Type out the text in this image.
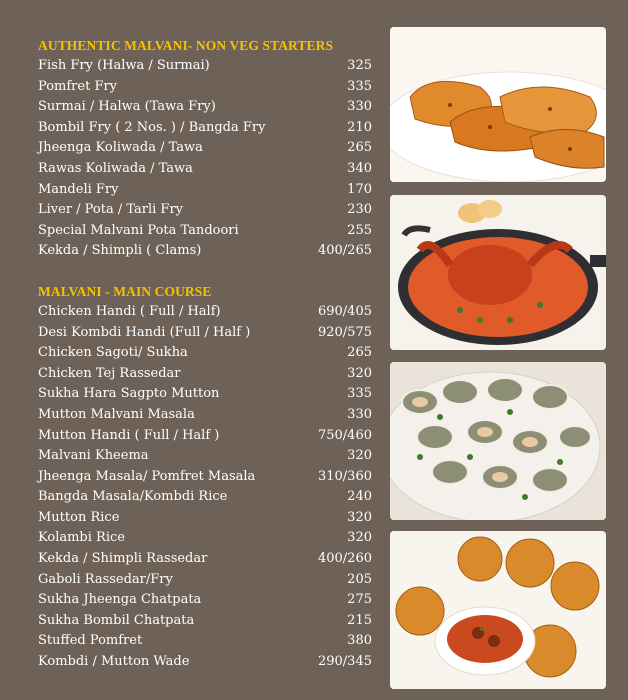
AUTHENTIC MALVANI- NON VEG STARTERS
Fish Fry (Halwa / Surmai)	325
Pomfret Fry	335
Surmai / Halwa (Tawa Fry)	330
Bombil Fry ( 2 Nos. ) / Bangda Fry	210
Jheenga Koliwada / Tawa	265
Rawas Koliwada / Tawa	340
Mandeli Fry	170
Liver / Pota / Tarli Fry	230
Special Malvani Pota Tandoori	255
Kekda / Shimpli ( Clams)	400/265
MALVANI - MAIN COURSE
Chicken Handi ( Full / Half)	690/405
Desi Kombdi Handi (Full / Half )	920/575
Chicken Sagoti/ Sukha	265
Chicken Tej Rassedar	320
Sukha Hara Sagpto Mutton	335
Mutton Malvani Masala	330
Mutton Handi ( Full / Half )	750/460
Malvani Kheema	320
Jheenga Masala/ Pomfret Masala	310/360
Bangda Masala/Kombdi Rice	240
Mutton Rice	320
Kolambi Rice	320
Kekda / Shimpli Rassedar	400/260
Gaboli Rassedar/Fry	205
Sukha Jheenga Chatpata	275
Sukha Bombil Chatpata	215
Stuffed Pomfret	380
Kombdi / Mutton Wade	290/345
